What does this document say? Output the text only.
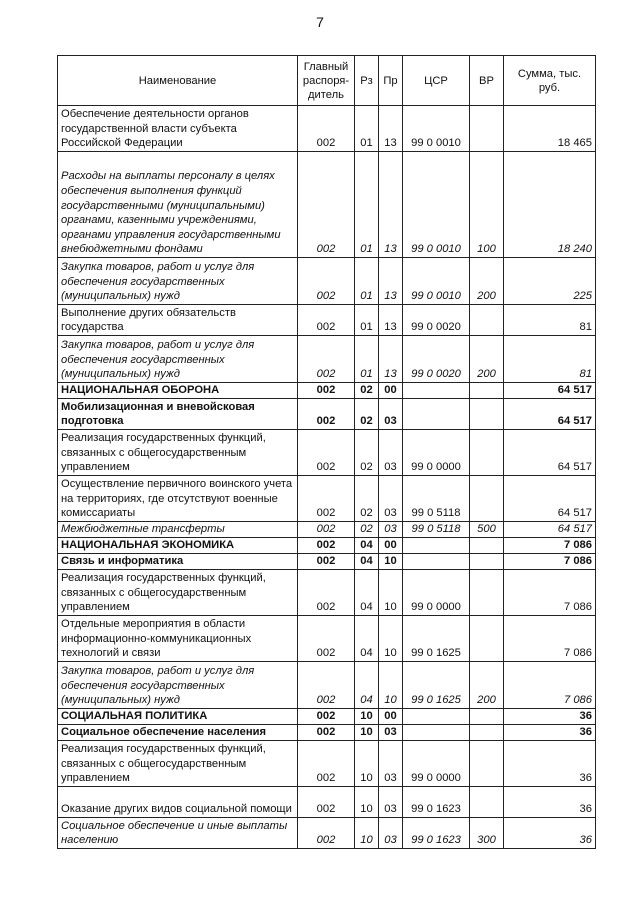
7
Наименование	Главный распоря-дитель	Рз	Пр	ЦСР	ВР	Сумма, тыс. руб.
Обеспечение деятельности органов государственной власти субъекта Российской Федерации	002	01	13	99 0 0010		18 465
Расходы на выплаты персоналу в целях обеспечения выполнения функций государственными (муниципальными) органами, казенными учреждениями, органами управления государственными внебюджетными фондами	002	01	13	99 0 0010	100	18 240
Закупка товаров, работ и услуг для обеспечения государственных (муниципальных) нужд	002	01	13	99 0 0010	200	225
Выполнение других обязательств государства	002	01	13	99 0 0020		81
Закупка товаров, работ и услуг для обеспечения государственных (муниципальных) нужд	002	01	13	99 0 0020	200	81
НАЦИОНАЛЬНАЯ ОБОРОНА	002	02	00			64 517
Мобилизационная и вневойсковая подготовка	002	02	03			64 517
Реализация государственных функций, связанных с общегосударственным управлением	002	02	03	99 0 0000		64 517
Осуществление первичного воинского учета на территориях, где отсутствуют военные комиссариаты	002	02	03	99 0 5118		64 517
Межбюджетные трансферты	002	02	03	99 0 5118	500	64 517
НАЦИОНАЛЬНАЯ ЭКОНОМИКА	002	04	00			7 086
Связь и информатика	002	04	10			7 086
Реализация государственных функций, связанных с общегосударственным управлением	002	04	10	99 0 0000		7 086
Отдельные мероприятия в области информационно-коммуникационных технологий и связи	002	04	10	99 0 1625		7 086
Закупка товаров, работ и услуг для обеспечения государственных (муниципальных) нужд	002	04	10	99 0 1625	200	7 086
СОЦИАЛЬНАЯ ПОЛИТИКА	002	10	00			36
Социальное обеспечение населения	002	10	03			36
Реализация государственных функций, связанных с общегосударственным управлением	002	10	03	99 0 0000		36
Оказание других видов социальной помощи	002	10	03	99 0 1623		36
Социальное обеспечение и иные выплаты населению	002	10	03	99 0 1623	300	36
